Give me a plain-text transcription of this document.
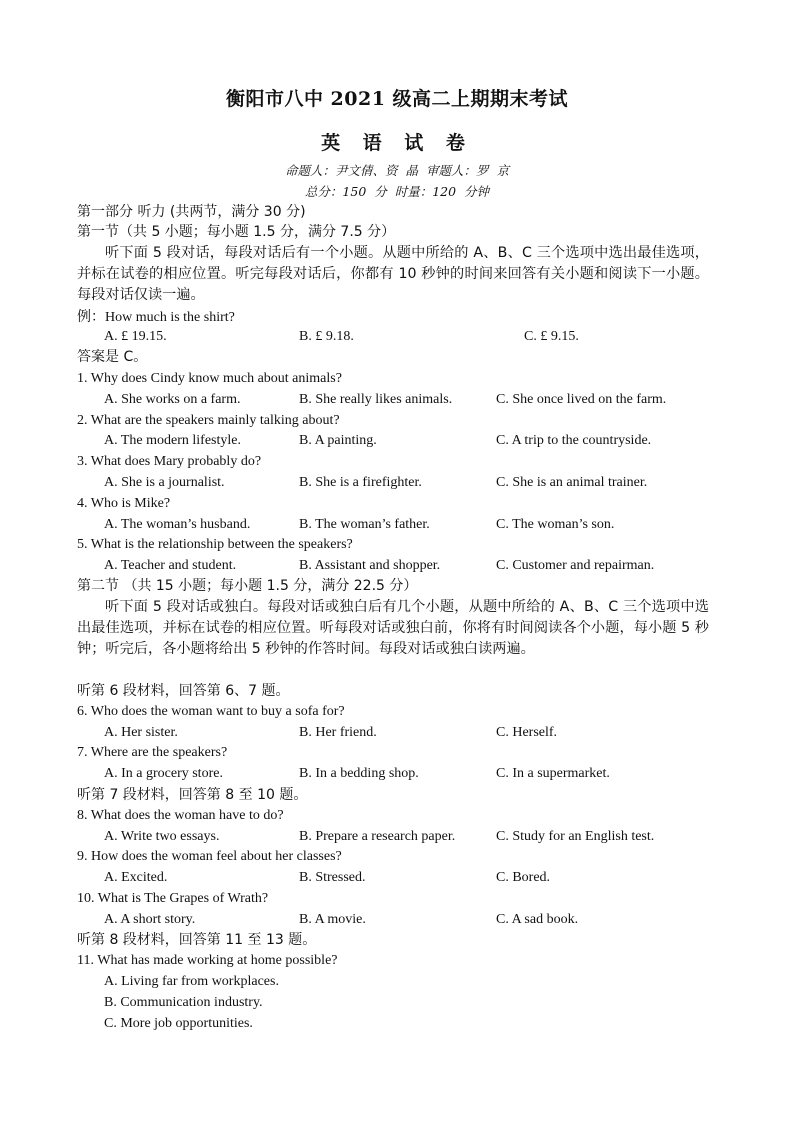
衡阳市八中 2021 级高二上期期末考试
英 语 试 卷
命题人：尹文倩、资 晶 审题人：罗 京
总分：150 分 时量：120 分钟
第一部分 听力 (共两节，满分 30 分)
第一节（共 5 小题；每小题 1.5 分，满分 7.5 分）
听下面 5 段对话，每段对话后有一个小题。从题中所给的 A、B、C 三个选项中选出最佳选项，并标在试卷的相应位置。听完每段对话后，你都有 10 秒钟的时间来回答有关小题和阅读下一小题。每段对话仅读一遍。
例：How much is the shirt?
A. £ 19.15.	B. £ 9.18.	C. £ 9.15.
答案是 C。
1. Why does Cindy know much about animals?
A. She works on a farm.	B. She really likes animals.	C. She once lived on the farm.
2. What are the speakers mainly talking about?
A. The modern lifestyle.	B. A painting.	C. A trip to the countryside.
3. What does Mary probably do?
A. She is a journalist.	B. She is a firefighter.	C. She is an animal trainer.
4. Who is Mike?
A. The woman’s husband.	B. The woman’s father.	C. The woman’s son.
5. What is the relationship between the speakers?
A. Teacher and student.	B. Assistant and shopper.	C. Customer and repairman.
第二节 （共 15 小题；每小题 1.5 分，满分 22.5 分）
听下面 5 段对话或独白。每段对话或独白后有几个小题，从题中所给的 A、B、C 三个选项中选出最佳选项，并标在试卷的相应位置。听每段对话或独白前，你将有时间阅读各个小题，每小题 5 秒钟；听完后，各小题将给出 5 秒钟的作答时间。每段对话或独白读两遍。
听第 6 段材料，回答第 6、7 题。
6. Who does the woman want to buy a sofa for?
A. Her sister.	B. Her friend.	C. Herself.
7. Where are the speakers?
A. In a grocery store.	B. In a bedding shop.	C. In a supermarket.
听第 7 段材料，回答第 8 至 10 题。
8. What does the woman have to do?
A. Write two essays.	B. Prepare a research paper.	C. Study for an English test.
9. How does the woman feel about her classes?
A. Excited.	B. Stressed.	C. Bored.
10. What is The Grapes of Wrath?
A. A short story.	B. A movie.	C. A sad book.
听第 8 段材料，回答第 11 至 13 题。
11. What has made working at home possible?
A. Living far from workplaces.
B. Communication industry.
C. More job opportunities.
